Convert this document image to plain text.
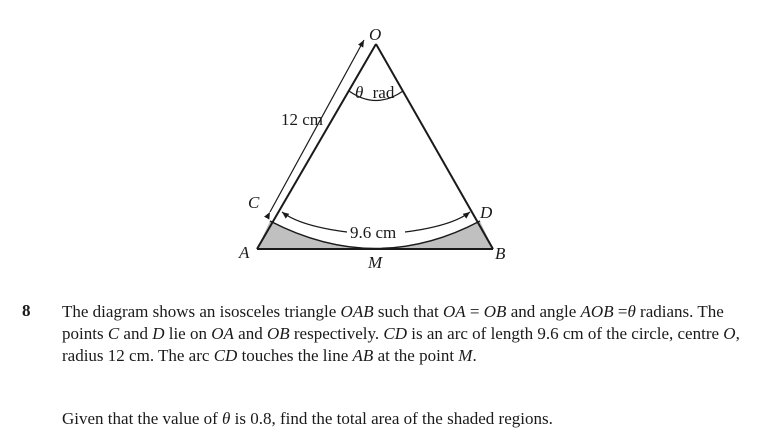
O
A	B
C
D
M
12 cm
9.6 cm
θ rad
8 The diagram shows an isosceles triangle OAB such that OA = OB and angle AOB =θ radians. The points C and D lie on OA and OB respectively. CD is an arc of length 9.6 cm of the circle, centre O, radius 12 cm. The arc CD touches the line AB at the point M.

Given that the value of θ is 0.8, find the total area of the shaded regions.
